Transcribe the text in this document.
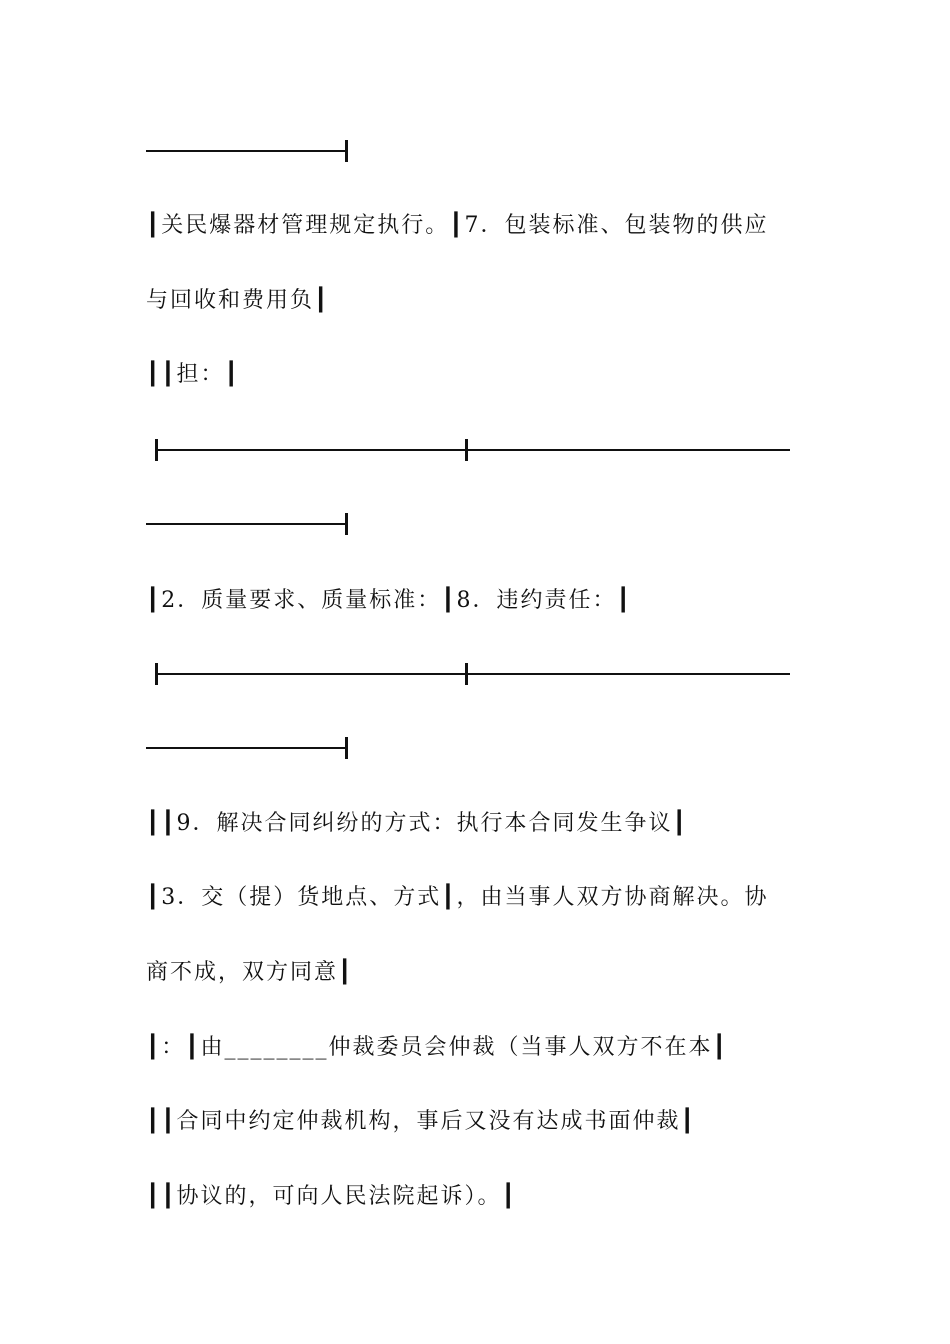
┃关民爆器材管理规定执行。┃7．包装标准、包装物的供应
与回收和费用负┃
┃┃担：┃
┃2．质量要求、质量标准：┃8．违约责任：┃
┃┃9．解决合同纠纷的方式：执行本合同发生争议┃
┃3．交（提）货地点、方式┃，由当事人双方协商解决。协
商不成，双方同意┃
┃：┃由________仲裁委员会仲裁（当事人双方不在本┃
┃┃合同中约定仲裁机构，事后又没有达成书面仲裁┃
┃┃协议的，可向人民法院起诉）。┃
